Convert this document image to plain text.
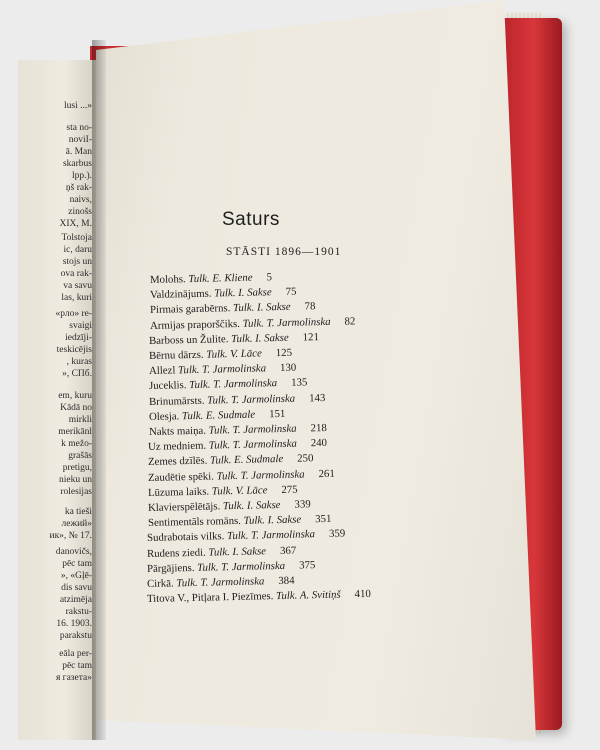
lusi ...»
sta no-
noviI-
ā. Man
skarbus
lpp.).
ņš rak-
naivs,
zinošs
XIX, M.
Tolstoja
ic, daru
stojs un
ova rak-
va savu
las, kuri
«рло» re-
svaigi
iedzīji-
teskicējis
, kuras
», СПб.
em, kuru
Kādā no
mirkli
merikānl
k mežo-
grašās
pretigu,
nieku un
rolesijas
ka tieši
лежий»
ик», № 17.
danovičs,
pēc tam
», «Gļē-
dis savu
atzimēja
rakstu-
16. 1903.
parakstu
eāla per-
pēc tam
я газета»
Saturs
STĀSTI 1896—1901
Molohs. Tulk. E. Kliene 5
Valdzinājums. Tulk. I. Sakse 75
Pirmais garabērns. Tulk. I. Sakse 78
Armijas praporščiks. Tulk. T. Jarmolinska 82
Barboss un Žulite. Tulk. I. Sakse 121
Bērnu dārzs. Tulk. V. Lāce 125
Allezl Tulk. T. Jarmolinska 130
Juceklis. Tulk. T. Jarmolinska 135
Brinumārsts. Tulk. T. Jarmolinska 143
Olesja. Tulk. E. Sudmale 151
Nakts maiņa. Tulk. T. Jarmolinska 218
Uz medniem. Tulk. T. Jarmolinska 240
Zemes dzīlēs. Tulk. E. Sudmale 250
Zaudētie spēki. Tulk. T. Jarmolinska 261
Lūzuma laiks. Tulk. V. Lāce 275
Klavierspēlētājs. Tulk. I. Sakse 339
Sentimentāls romāns. Tulk. I. Sakse 351
Sudrabotais vilks. Tulk. T. Jarmolinska 359
Rudens ziedi. Tulk. I. Sakse 367
Pārgājiens. Tulk. T. Jarmolinska 375
Cirkā. Tulk. T. Jarmolinska 384
Titova V., Pitļara I. Piezīmes. Tulk. A. Svitiņš 410
